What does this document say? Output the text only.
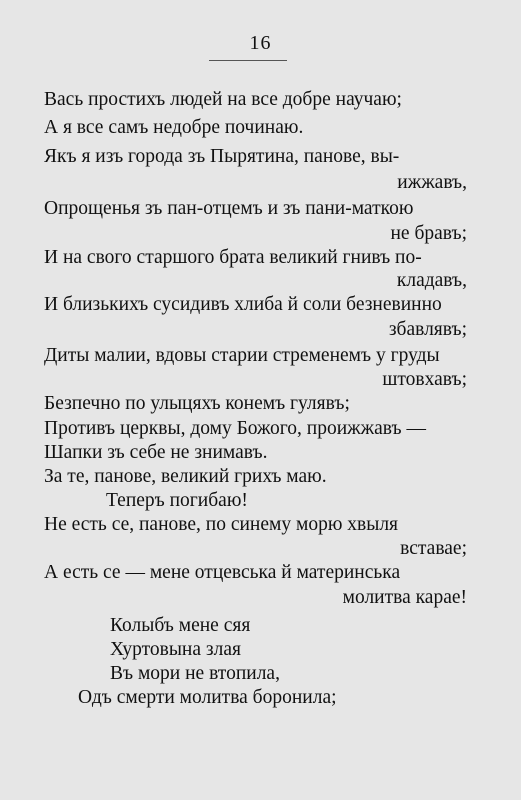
16
Вась простихъ людей на все добре научаю;
А я все самъ недобре починаю.
Якъ я изъ города зъ Пырятина, панове, вы-
ижжавъ,
Опрощенья зъ пан-отцемъ и зъ пани-маткою
не бравъ;
И на свого старшого брата великий гнивъ по-
кладавъ,
И близькихъ сусидивъ хлиба й соли безневинно
збавлявъ;
Диты малии, вдовы старии стременемъ у груды
штовхавъ;
Безпечно по улыцяхъ конемъ гулявъ;
Противъ церквы, дому Божого, проижжавъ —
Шапки зъ себе не знимавъ.
За те, панове, великий грихъ маю.
Теперъ погибаю!
Не есть се, панове, по синему морю хвыля
вставае;
А есть се — мене отцевська й материнська
молитва карае!
Колыбъ мене сяя
Хуртовына злая
Въ мори не втопила,
Одъ смерти молитва боронила;
